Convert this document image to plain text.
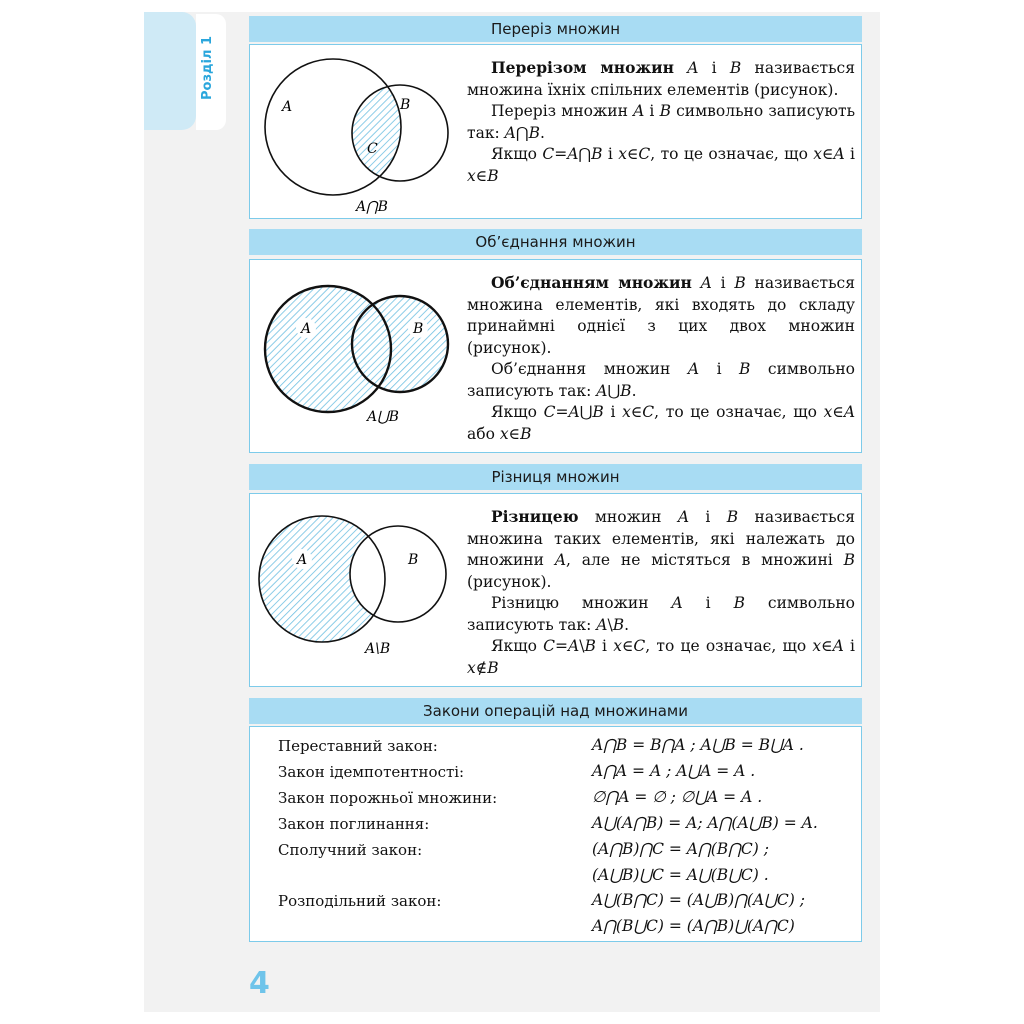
Розділ 1
Переріз множин
A	B
C
A⋂B

Перерізом множин A і B називається множина їхніх спільних елементів (рисунок).

Переріз множин A і B символьно записують так: A⋂B.

Якщо C=A⋂B і x∈C, то це означає, що x∈A і x∈B

Об’єднання множин
A	B
A⋃B

Об’єднанням множин A і B називається множина елементів, які входять до складу принаймні однієї з цих двох множин (рисунок).

Об’єднання множин A і B символьно записують так: A⋃B.

Якщо C=A⋃B і x∈C, то це означає, що x∈A або x∈B

Різниця множин
A	B
A\B

Різницею множин A і B називається множина таких елементів, які належать до множини A, але не містяться в множині B (рисунок).

Різницю множин A і B символьно записують так: A\B.

Якщо C=A\B і x∈C, то це означає, що x∈A і x∉B

Закони операцій над множинами
Переставний закон:	A⋂B = B⋂A ; A⋃B = B⋃A .
Закон ідемпотентності:	A⋂A = A ; A⋃A = A .
Закон порожньої множини:	∅⋂A = ∅ ; ∅⋃A = A .
Закон поглинання:	A⋃(A⋂B) = A; A⋂(A⋃B) = A.
Сполучний закон:	(A⋂B)⋂C = A⋂(B⋂C) ;
(A⋃B)⋃C = A⋃(B⋃C) .
Розподільний закон:	A⋃(B⋂C) = (A⋃B)⋂(A⋃C) ;
A⋂(B⋃C) = (A⋂B)⋃(A⋂C)
4
